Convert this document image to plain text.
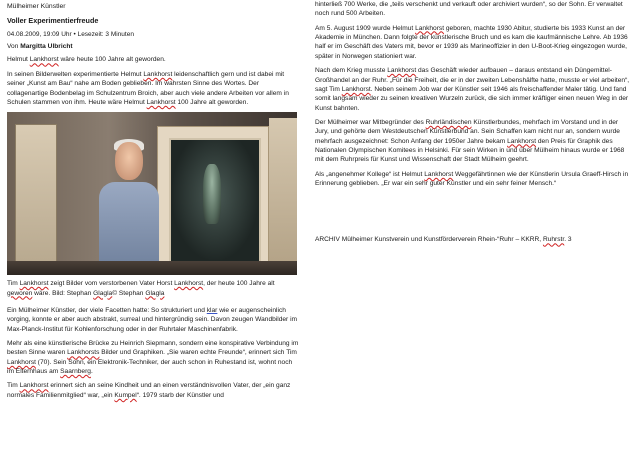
Mülheimer Künstler

Voller Experimentierfreude

04.08.2009, 19:09 Uhr • Lesezeit: 3 Minuten

Von Margitta Ulbricht

Helmut Lankhorst wäre heute 100 Jahre alt geworden.

In seinen Bilderwelten experimentierte Helmut Lankhorst leidenschaftlich gern und ist dabei mit seiner „Kunst am Bau“ nahe am Boden geblieben. Im wahrsten Sinne des Wortes. Der collagenartige Bodenbelag im Schulzentrum Broich, aber auch viele andere Arbeiten vor allem in Schulen stammen von ihm. Heute wäre Helmut Lankhorst 100 Jahre alt geworden.

Tim Lankhorst zeigt Bilder vom verstorbenen Vater Horst Lankhorst, der heute 100 Jahre alt geworen wäre. Bild: Stephan Glagla© Stephan Glagla

Ein Mülheimer Künstler, der viele Facetten hatte: So strukturiert und klar wie er augenscheinlich vorging, konnte er aber auch abstrakt, surreal und hintergründig sein. Davon zeugen Wandbilder im Max-Planck-Institut für Kohlenforschung oder in der Ruhrtaler Maschinenfabrik.

Mehr als eine künstlerische Brücke zu Heinrich Siepmann, sondern eine konspirative Verbindung im besten Sinne waren Lankhorsts Bilder und Graphiken. „Sie waren echte Freunde“, erinnert sich Tim Lankhorst (70). Sein Sohn, ein Elektronik-Techniker, der auch schon in Ruhestand ist, wohnt noch im Elternhaus am Saarnberg.

Tim Lankhorst erinnert sich an seine Kindheit und an einen verständnisvollen Vater, der „ein ganz normales Familienmitglied“ war, „ein Kumpel“. 1979 starb der Künstler und

hinterließ 700 Werke, die „teils verschenkt und verkauft oder archiviert wurden“, so der Sohn. Er verwaltet noch rund 500 Arbeiten.

Am 5. August 1909 wurde Helmut Lankhorst geboren, machte 1930 Abitur, studierte bis 1933 Kunst an der Akademie in München. Dann folgte der künstlerische Bruch und es kam die kaufmännische Lehre. Ab 1936 half er im Geschäft des Vaters mit, bevor er 1939 als Marineoffizier in den U-Boot-Krieg eingezogen wurde, später in Norwegen stationiert war.

Nach dem Krieg musste Lankhorst das Geschäft wieder aufbauen – daraus entstand ein Düngemittel-Großhandel an der Ruhr. „Für die Freiheit, die er in der zweiten Lebenshälfte hatte, musste er viel arbeiten“, sagt Tim Lankhorst. Neben seinem Job war der Künstler seit 1946 als freischaffender Maler tätig. Und fand somit langsam wieder zu seinen kreativen Wurzeln zurück, die sich immer kräftiger einen neuen Weg in der Kunst bahnten.

Der Mülheimer war Mitbegründer des Ruhrländischen Künstlerbundes, mehrfach im Vorstand und in der Jury, und gehörte dem Westdeutschen Künstlerbund an. Sein Schaffen kam nicht nur an, sondern wurde mehrfach ausgezeichnet: Schon Anfang der 1950er Jahre bekam Lankhorst den Preis für Graphik des Nationalen Olympischen Komitees in Helsinki. Für sein Wirken in und über Mülheim hinaus wurde er 1968 mit dem Ruhrpreis für Kunst und Wissenschaft der Stadt Mülheim geehrt.

Als „angenehmer Kollege“ ist Helmut Lankhorst Weggefährtinnen wie der Künstlerin Ursula Graeff-Hirsch in Erinnerung geblieben. „Er war ein sehr guter Künstler und ein sehr feiner Mensch.“

ARCHIV Mülheimer Kunstverein und Kunstförderverein Rhein-“Ruhr – KKRR, Ruhrstr. 3
